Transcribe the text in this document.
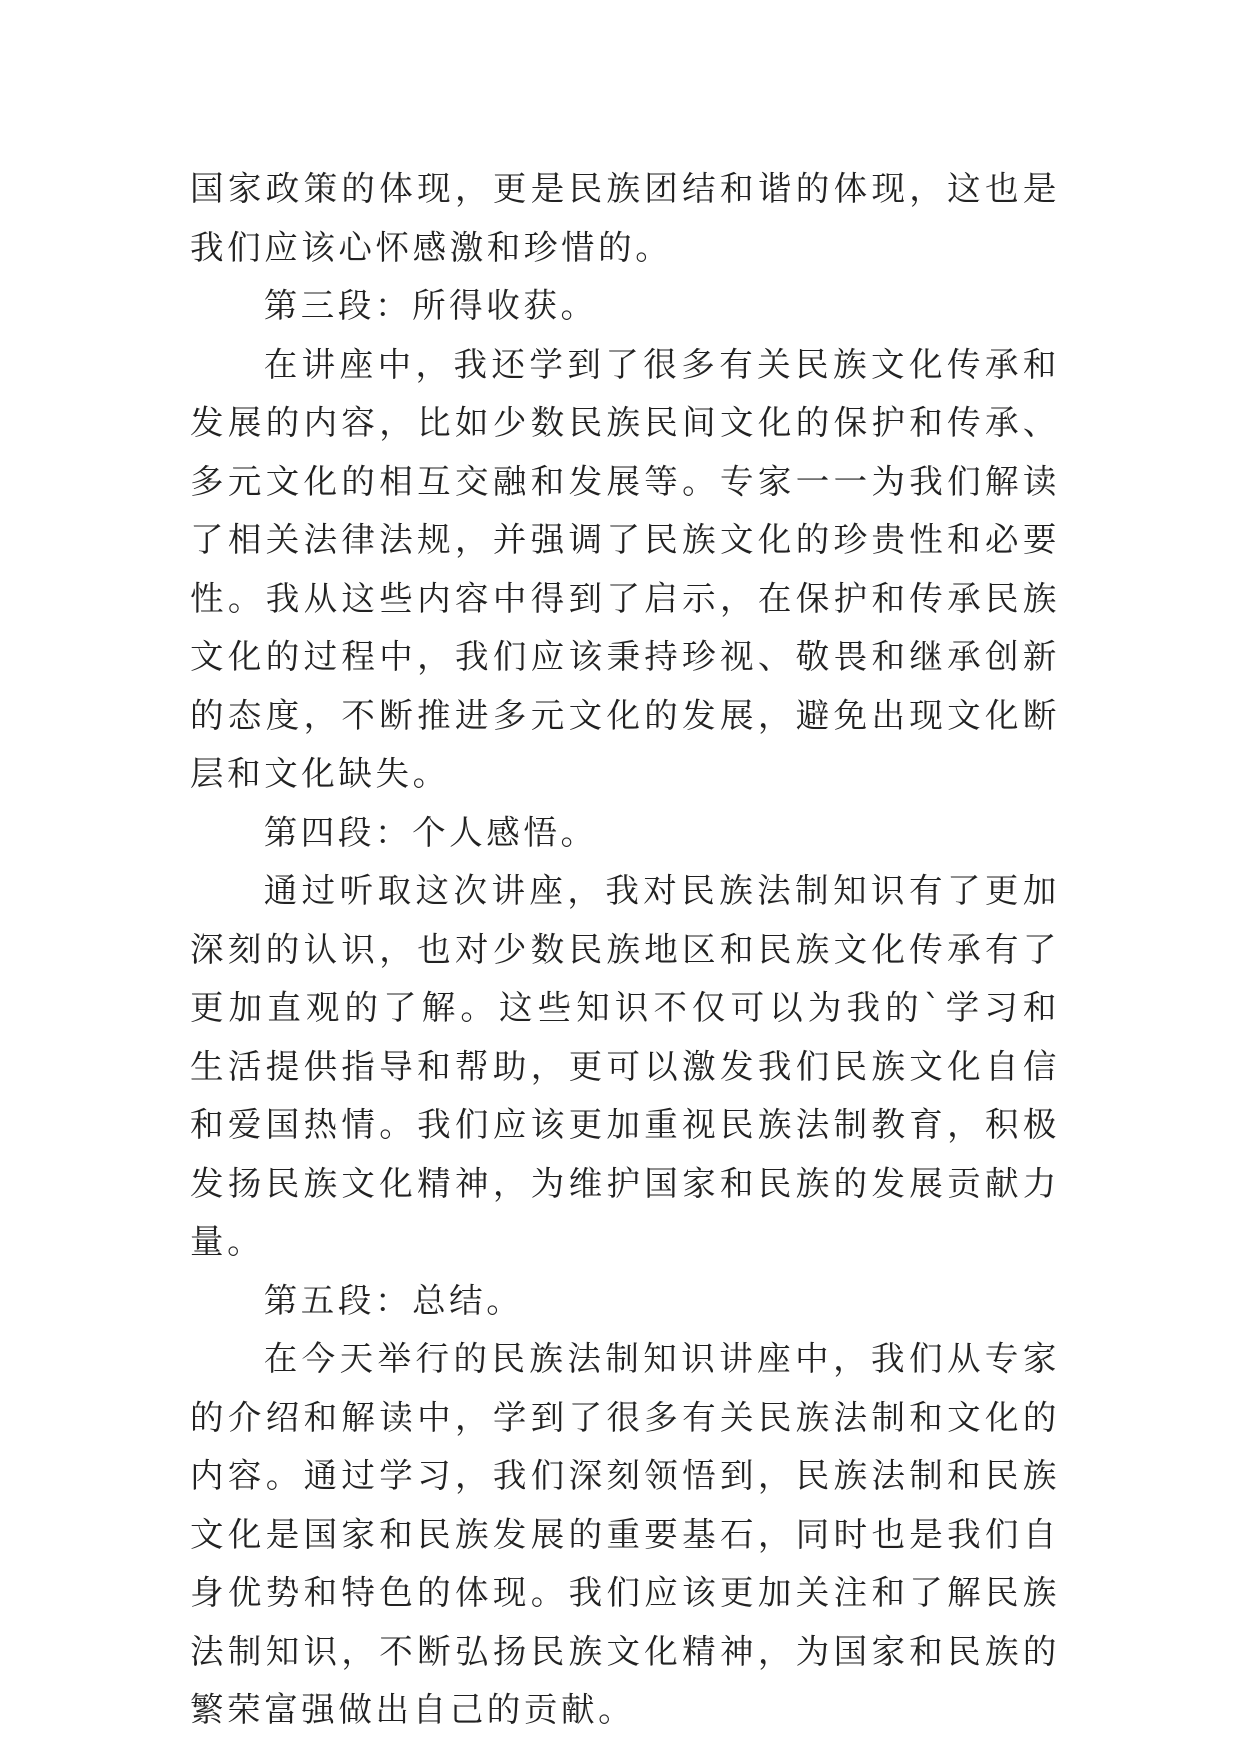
国家政策的体现，更是民族团结和谐的体现，这也是我们应该心怀感激和珍惜的。

第三段：所得收获。

在讲座中，我还学到了很多有关民族文化传承和发展的内容，比如少数民族民间文化的保护和传承、多元文化的相互交融和发展等。专家一一为我们解读了相关法律法规，并强调了民族文化的珍贵性和必要性。我从这些内容中得到了启示，在保护和传承民族文化的过程中，我们应该秉持珍视、敬畏和继承创新的态度，不断推进多元文化的发展，避免出现文化断层和文化缺失。

第四段：个人感悟。

通过听取这次讲座，我对民族法制知识有了更加深刻的认识，也对少数民族地区和民族文化传承有了更加直观的了解。这些知识不仅可以为我的`学习和生活提供指导和帮助，更可以激发我们民族文化自信和爱国热情。我们应该更加重视民族法制教育，积极发扬民族文化精神，为维护国家和民族的发展贡献力量。

第五段：总结。

在今天举行的民族法制知识讲座中，我们从专家的介绍和解读中，学到了很多有关民族法制和文化的内容。通过学习，我们深刻领悟到，民族法制和民族文化是国家和民族发展的重要基石，同时也是我们自身优势和特色的体现。我们应该更加关注和了解民族法制知识，不断弘扬民族文化精神，为国家和民族的繁荣富强做出自己的贡献。
